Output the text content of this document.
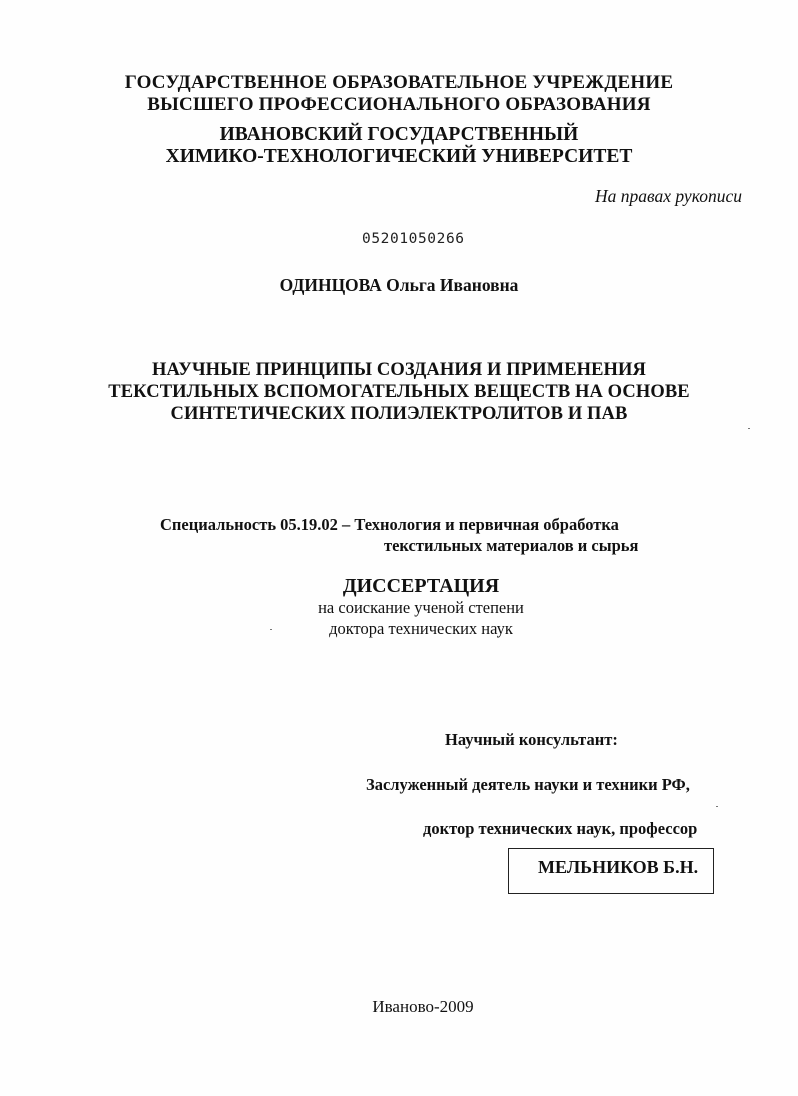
ГОСУДАРСТВЕННОЕ ОБРАЗОВАТЕЛЬНОЕ УЧРЕЖДЕНИЕ
ВЫСШЕГО ПРОФЕССИОНАЛЬНОГО ОБРАЗОВАНИЯ
ИВАНОВСКИЙ ГОСУДАРСТВЕННЫЙ
ХИМИКО-ТЕХНОЛОГИЧЕСКИЙ УНИВЕРСИТЕТ
На правах рукописи
05201050266
ОДИНЦОВА Ольга Ивановна
НАУЧНЫЕ ПРИНЦИПЫ СОЗДАНИЯ И ПРИМЕНЕНИЯ
ТЕКСТИЛЬНЫХ ВСПОМОГАТЕЛЬНЫХ ВЕЩЕСТВ НА ОСНОВЕ
СИНТЕТИЧЕСКИХ ПОЛИЭЛЕКТРОЛИТОВ И ПАВ
Специальность 05.19.02 – Технология и первичная обработка
текстильных материалов и сырья
ДИССЕРТАЦИЯ
на соискание ученой степени
доктора технических наук
Научный консультант:
Заслуженный деятель науки и техники РФ,
доктор технических наук, профессор
МЕЛЬНИКОВ Б.Н.
Иваново-2009
